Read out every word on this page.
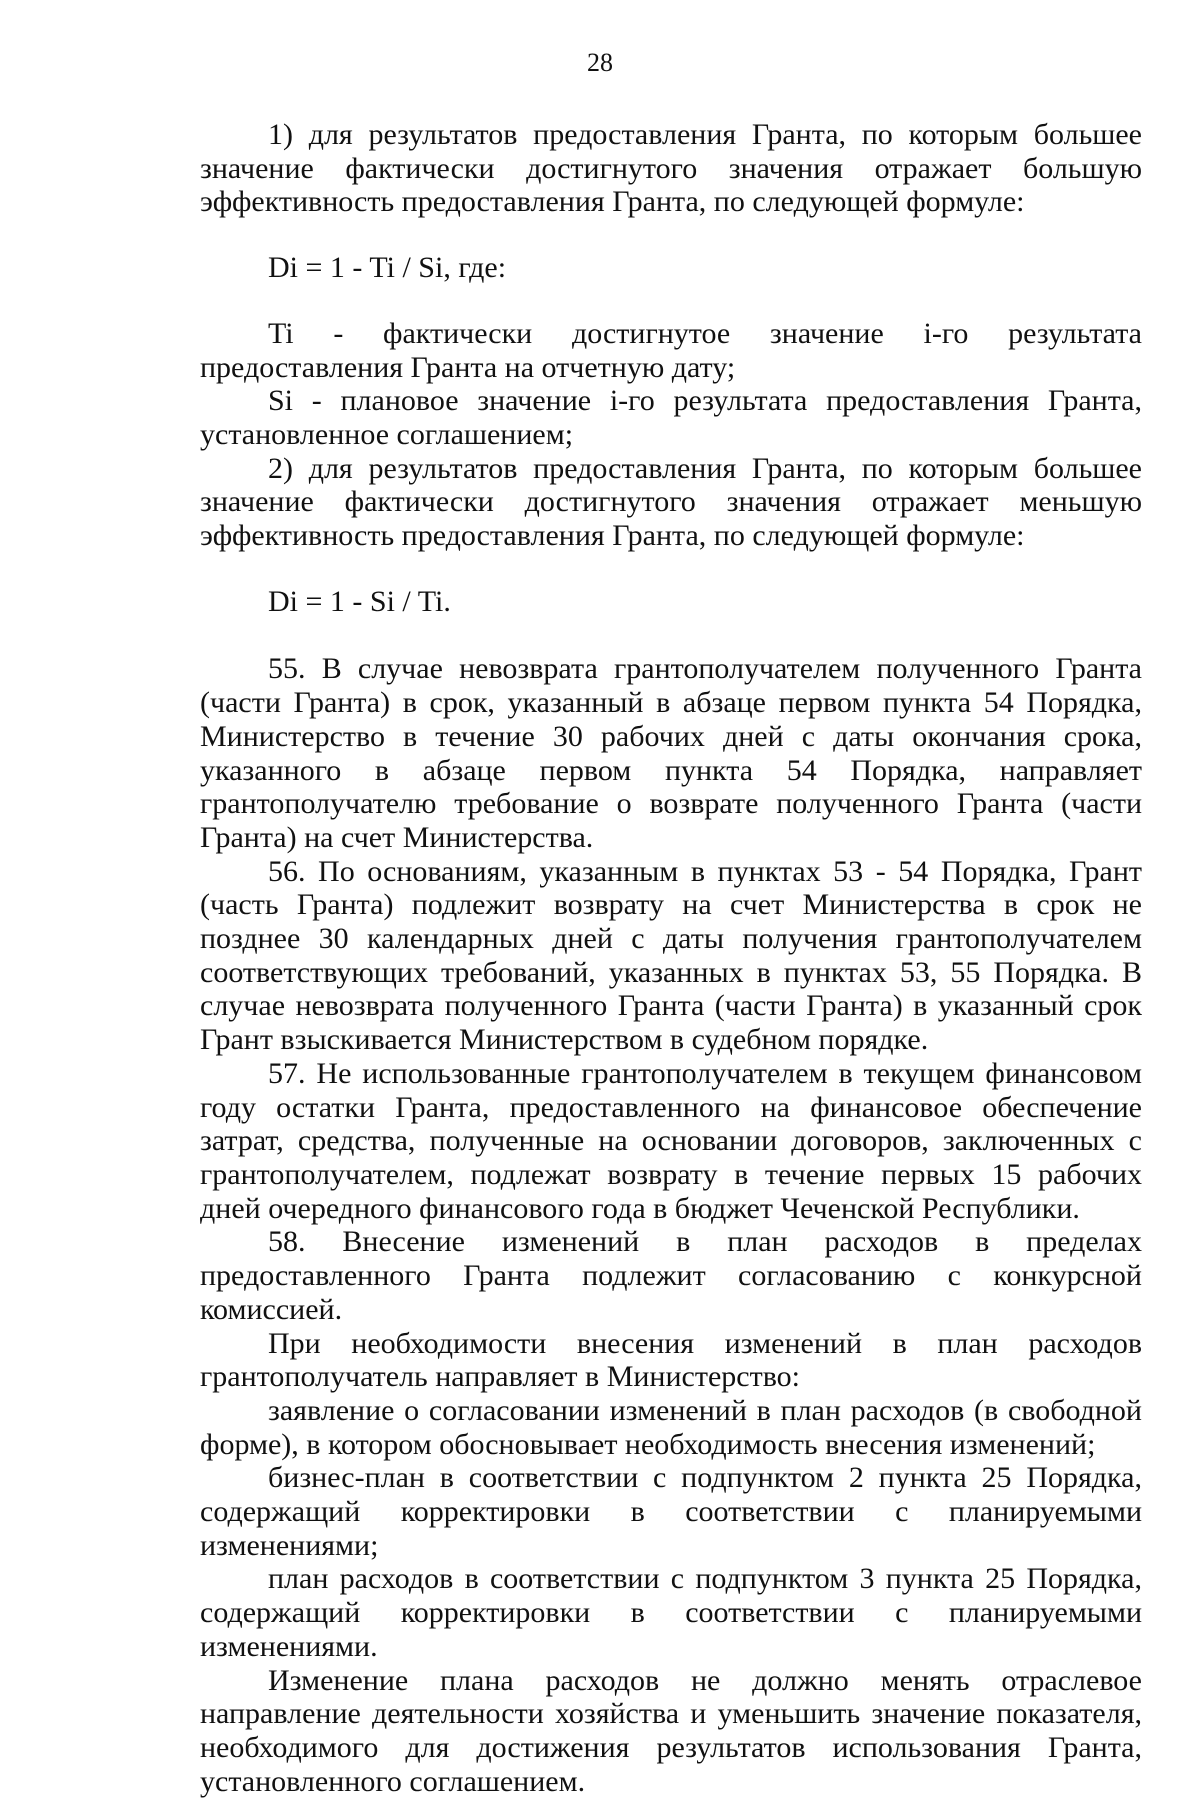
28

1) для результатов предоставления Гранта, по которым большее значение фактически достигнутого значения отражает большую эффективность предоставления Гранта, по следующей формуле:

Di = 1 - Ti / Si, где:

Ti - фактически достигнутое значение i-го результата предоставления Гранта на отчетную дату;

Si - плановое значение i-го результата предоставления Гранта, установленное соглашением;

2) для результатов предоставления Гранта, по которым большее значение фактически достигнутого значения отражает меньшую эффективность предоставления Гранта, по следующей формуле:

Di = 1 - Si / Ti.

55. В случае невозврата грантополучателем полученного Гранта (части Гранта) в срок, указанный в абзаце первом пункта 54 Порядка, Министерство в течение 30 рабочих дней с даты окончания срока, указанного в абзаце первом пункта 54 Порядка, направляет грантополучателю требование о возврате полученного Гранта (части Гранта) на счет Министерства.

56. По основаниям, указанным в пунктах 53 - 54 Порядка, Грант (часть Гранта) подлежит возврату на счет Министерства в срок не позднее 30 календарных дней с даты получения грантополучателем соответствующих требований, указанных в пунктах 53, 55 Порядка. В случае невозврата полученного Гранта (части Гранта) в указанный срок Грант взыскивается Министерством в судебном порядке.

57. Не использованные грантополучателем в текущем финансовом году остатки Гранта, предоставленного на финансовое обеспечение затрат, средства, полученные на основании договоров, заключенных с грантополучателем, подлежат возврату в течение первых 15 рабочих дней очередного финансового года в бюджет Чеченской Республики.

58. Внесение изменений в план расходов в пределах предоставленного Гранта подлежит согласованию с конкурсной комиссией.

При необходимости внесения изменений в план расходов грантополучатель направляет в Министерство:

заявление о согласовании изменений в план расходов (в свободной форме), в котором обосновывает необходимость внесения изменений;

бизнес-план в соответствии с подпунктом 2 пункта 25 Порядка, содержащий корректировки в соответствии с планируемыми изменениями;

план расходов в соответствии с подпунктом 3 пункта 25 Порядка, содержащий корректировки в соответствии с планируемыми изменениями.

Изменение плана расходов не должно менять отраслевое направление деятельности хозяйства и уменьшить значение показателя, необходимого для достижения результатов использования Гранта, установленного соглашением.
